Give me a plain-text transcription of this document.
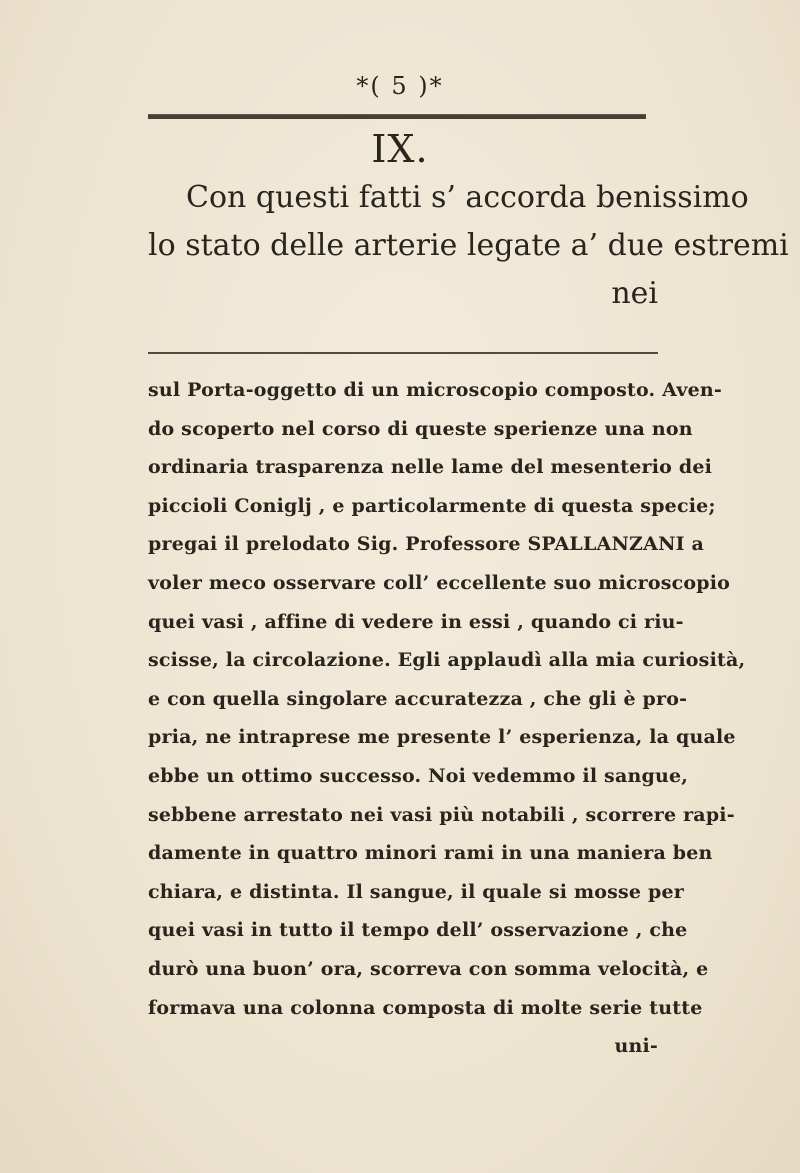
*( 5 )*
IX.
Con questi fatti s’ accorda benissimo
lo stato delle arterie legate a’ due estremi
nei
sul Porta-oggetto di un microscopio composto. Aven-
do scoperto nel corso di queste sperienze una non
ordinaria trasparenza nelle lame del mesenterio dei
piccioli Coniglj , e particolarmente di questa specie;
pregai il prelodato Sig. Professore SPALLANZANI a
voler meco osservare coll’ eccellente suo microscopio
quei vasi , affine di vedere in essi , quando ci riu-
scisse, la circolazione. Egli applaudì alla mia curiosità,
e con quella singolare accuratezza , che gli è pro-
pria, ne intraprese me presente l’ esperienza, la quale
ebbe un ottimo successo. Noi vedemmo il sangue,
sebbene arrestato nei vasi più notabili , scorrere rapi-
damente in quattro minori rami in una maniera ben
chiara, e distinta. Il sangue, il quale si mosse per
quei vasi in tutto il tempo dell’ osservazione , che
durò una buon’ ora, scorreva con somma velocità, e
formava una colonna composta di molte serie tutte
uni-
